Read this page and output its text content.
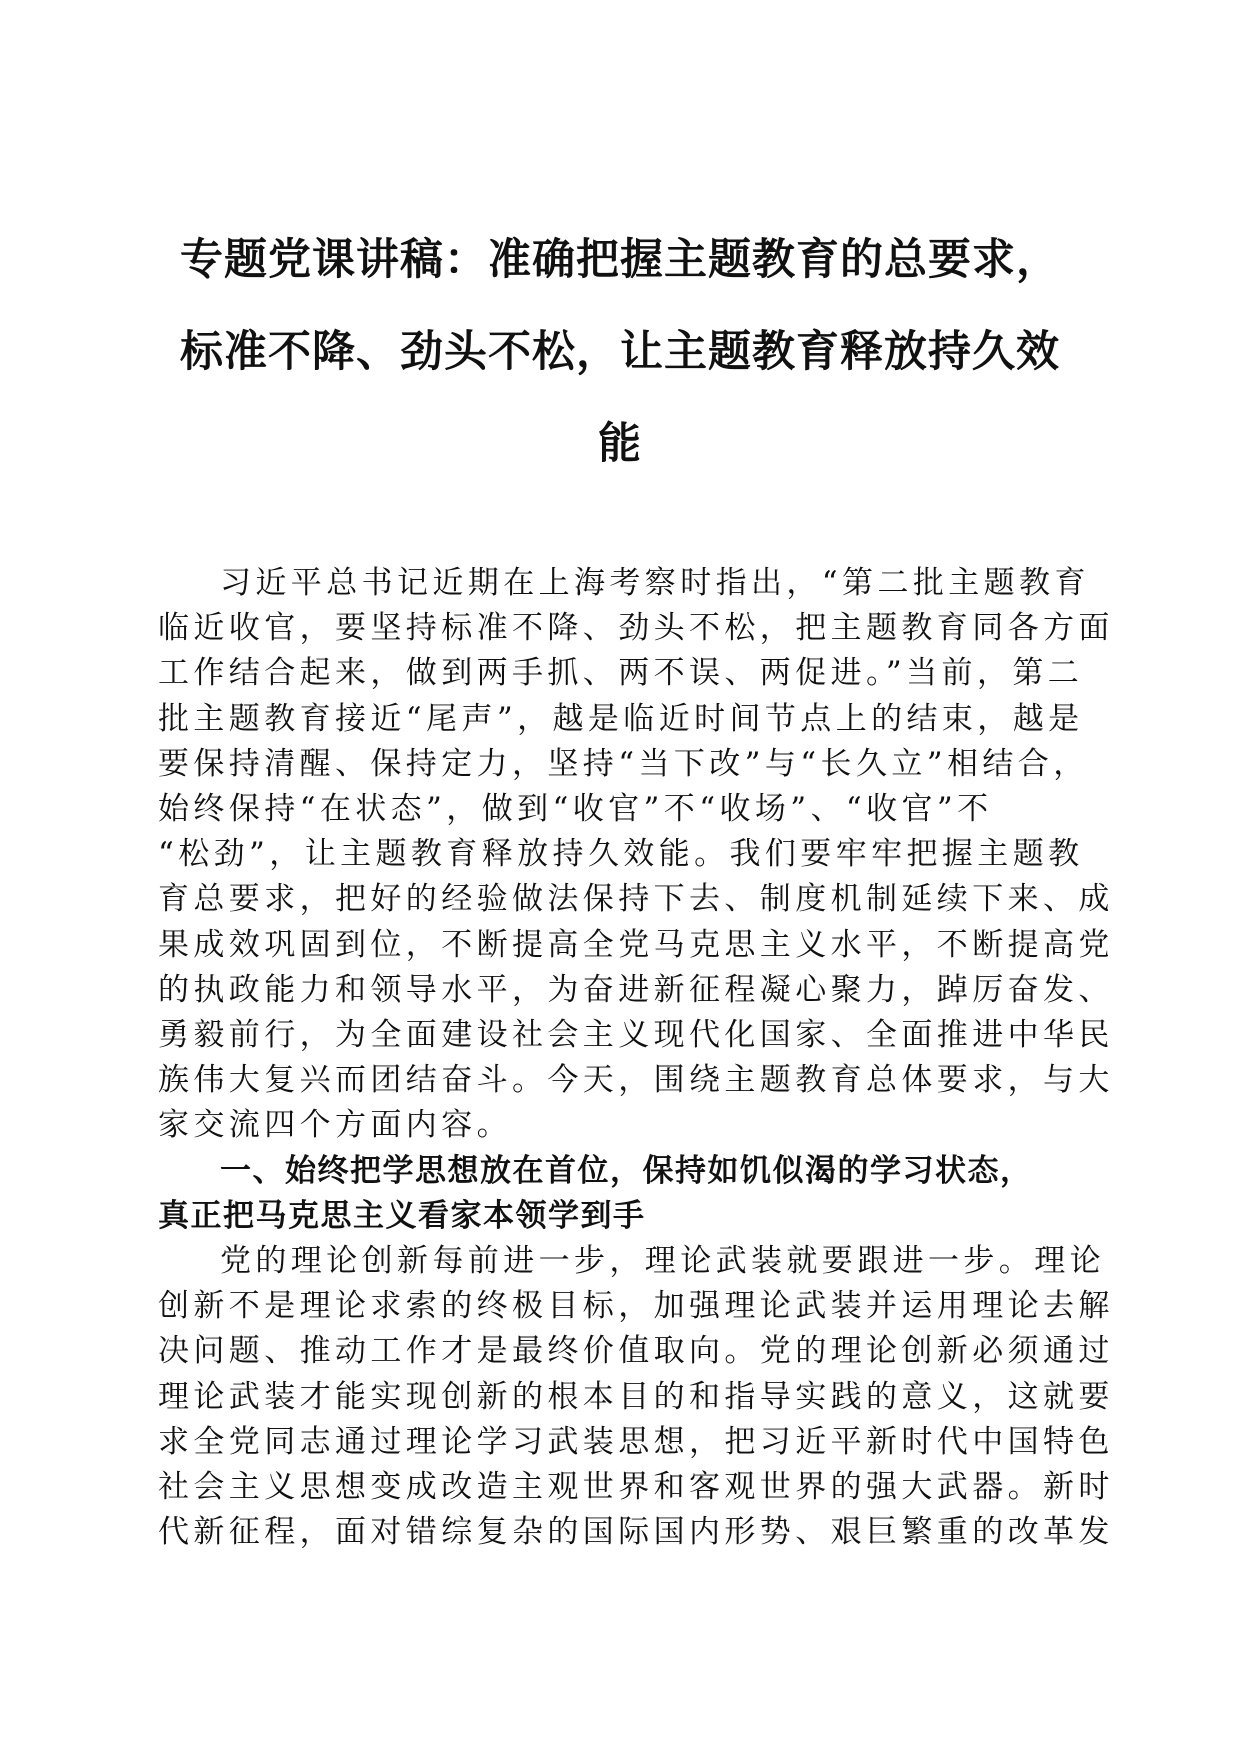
专题党课讲稿：准确把握主题教育的总要求，
标准不降、劲头不松，让主题教育释放持久效
能

习近平总书记近期在上海考察时指出，“第二批主题教育
临近收官，要坚持标准不降、劲头不松，把主题教育同各方面
工作结合起来，做到两手抓、两不误、两促进。”当前，第二
批主题教育接近“尾声”，越是临近时间节点上的结束，越是
要保持清醒、保持定力，坚持“当下改”与“长久立”相结合，
始终保持“在状态”，做到“收官”不“收场”、“收官”不
“松劲”，让主题教育释放持久效能。我们要牢牢把握主题教
育总要求，把好的经验做法保持下去、制度机制延续下来、成
果成效巩固到位，不断提高全党马克思主义水平，不断提高党
的执政能力和领导水平，为奋进新征程凝心聚力，踔厉奋发、
勇毅前行，为全面建设社会主义现代化国家、全面推进中华民
族伟大复兴而团结奋斗。今天，围绕主题教育总体要求，与大
家交流四个方面内容。

一、始终把学思想放在首位，保持如饥似渴的学习状态，
真正把马克思主义看家本领学到手

党的理论创新每前进一步，理论武装就要跟进一步。理论
创新不是理论求索的终极目标，加强理论武装并运用理论去解
决问题、推动工作才是最终价值取向。党的理论创新必须通过
理论武装才能实现创新的根本目的和指导实践的意义，这就要
求全党同志通过理论学习武装思想，把习近平新时代中国特色
社会主义思想变成改造主观世界和客观世界的强大武器。新时
代新征程，面对错综复杂的国际国内形势、艰巨繁重的改革发
